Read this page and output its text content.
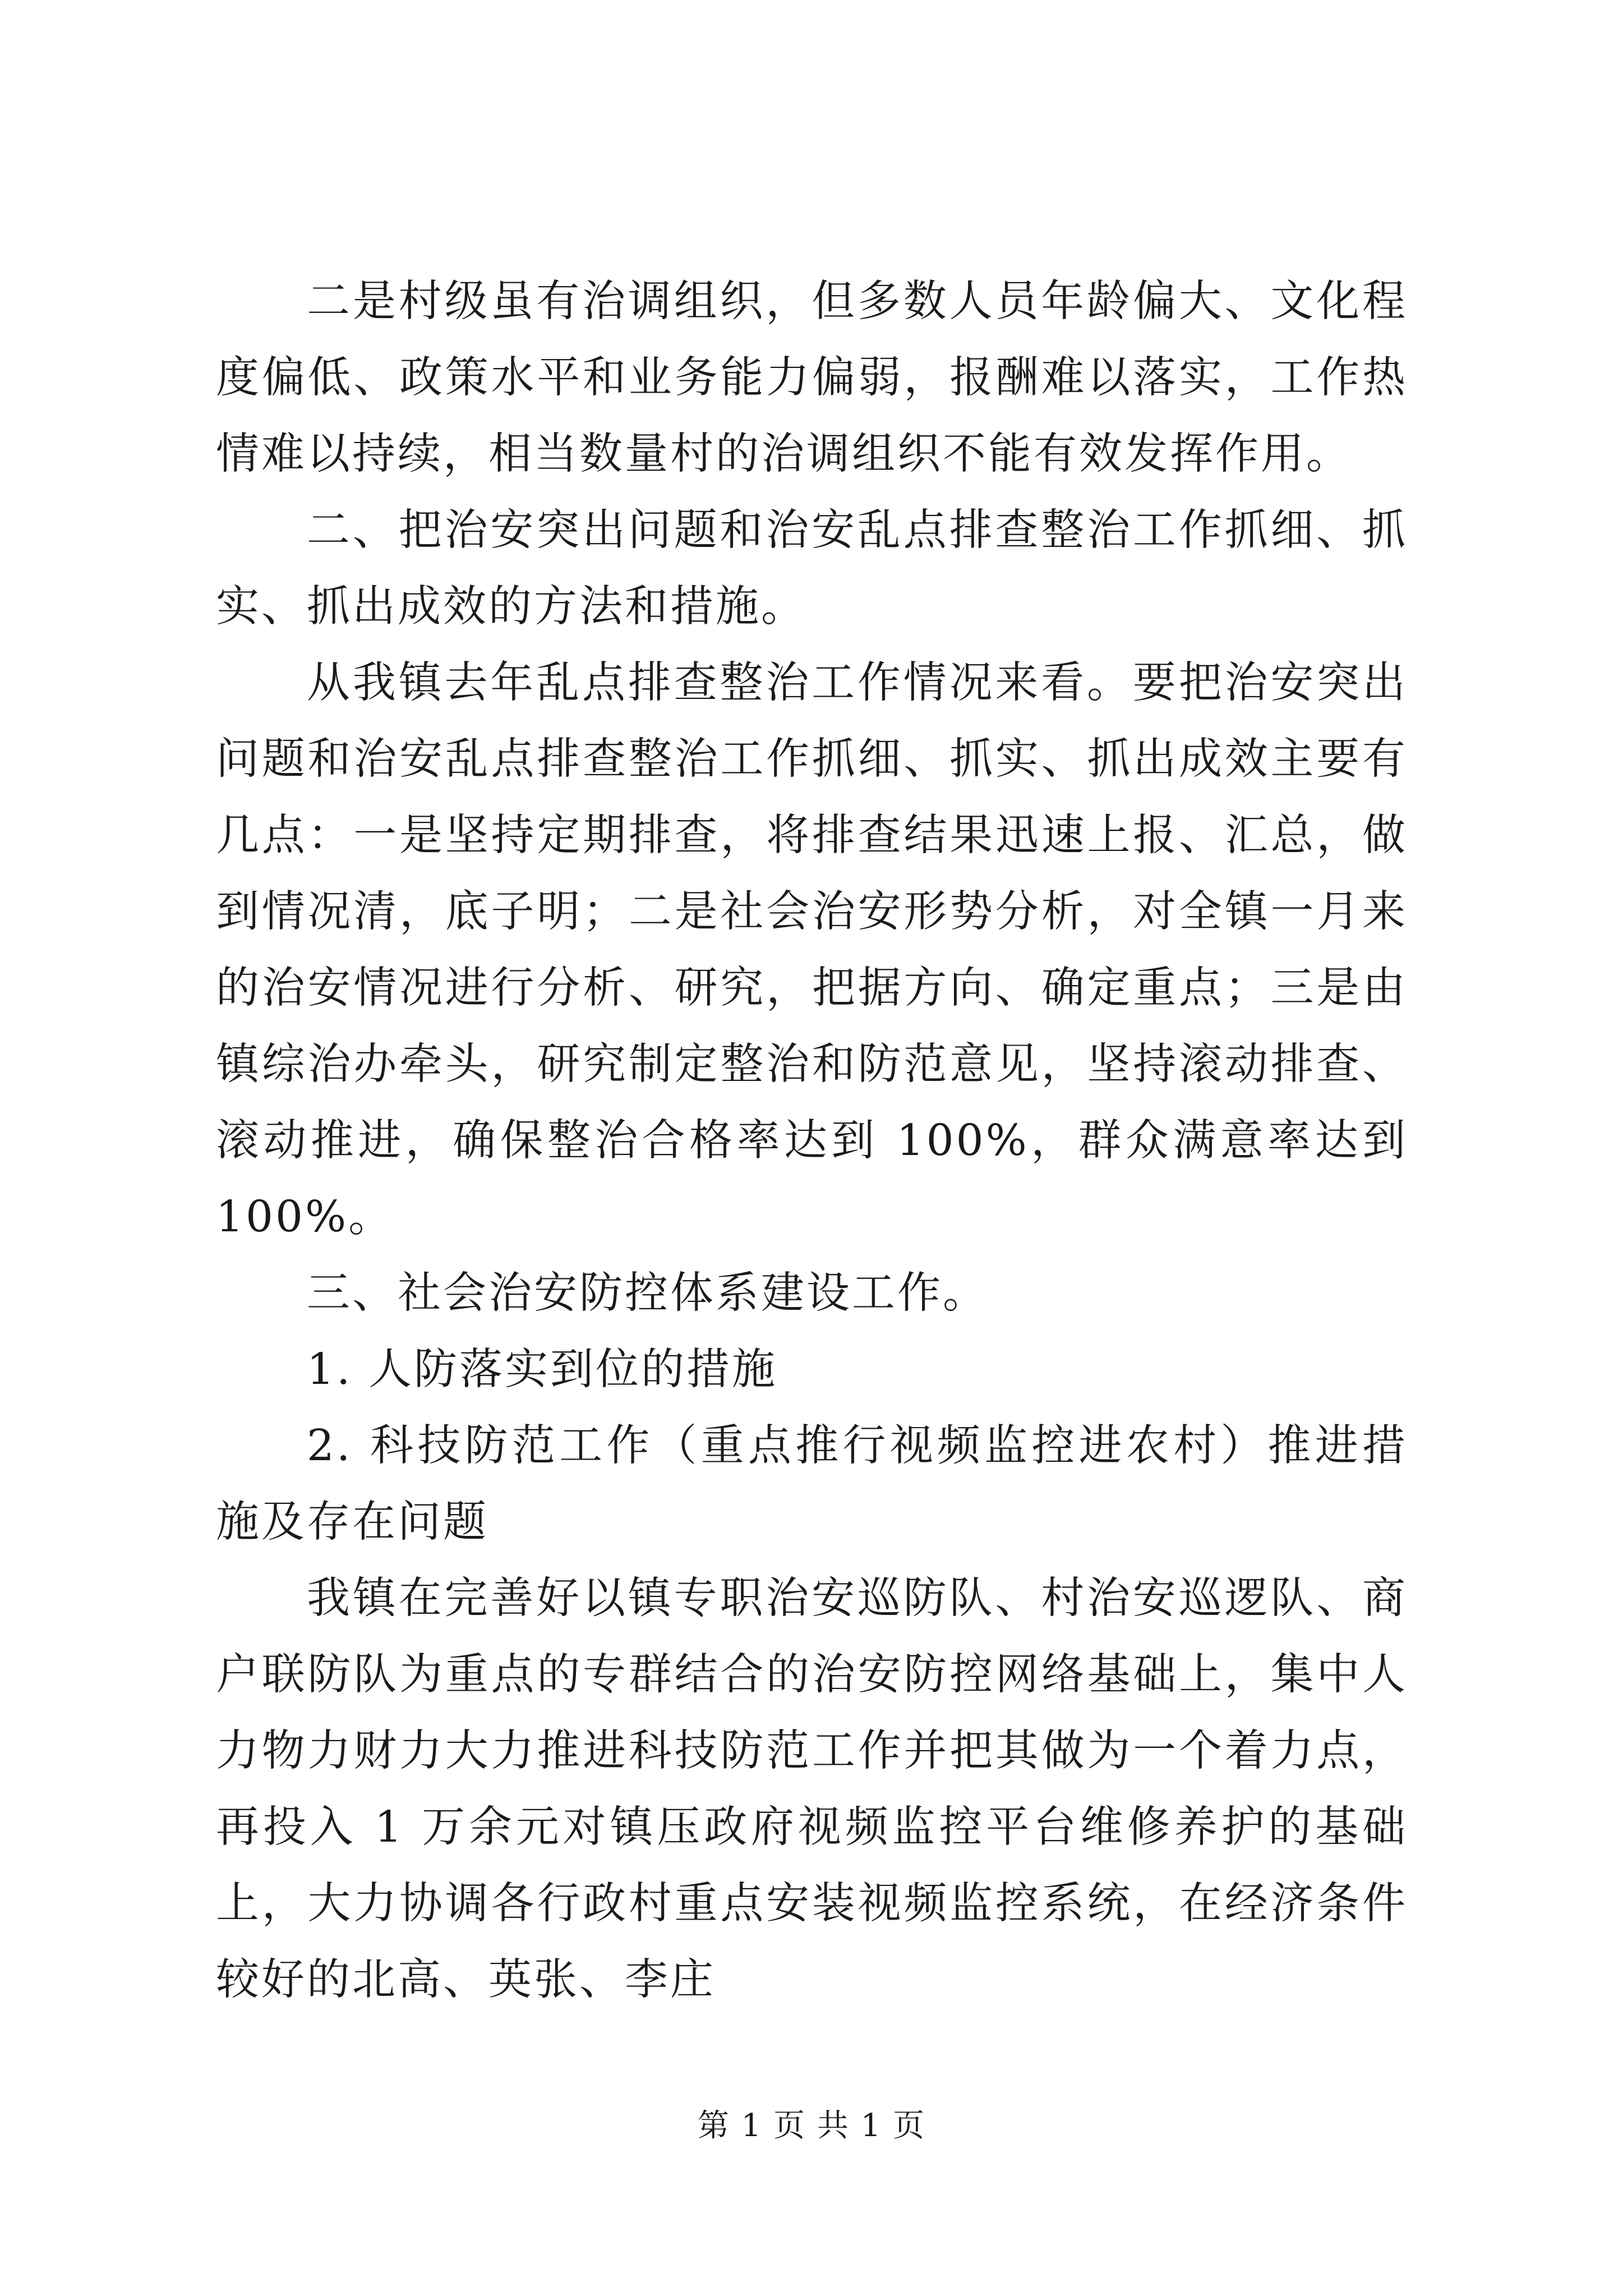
二是村级虽有治调组织，但多数人员年龄偏大、文化程度偏低、政策水平和业务能力偏弱，报酬难以落实，工作热情难以持续，相当数量村的治调组织不能有效发挥作用。

二、把治安突出问题和治安乱点排查整治工作抓细、抓实、抓出成效的方法和措施。

从我镇去年乱点排查整治工作情况来看。要把治安突出问题和治安乱点排查整治工作抓细、抓实、抓出成效主要有几点：一是坚持定期排查，将排查结果迅速上报、汇总，做到情况清，底子明；二是社会治安形势分析，对全镇一月来的治安情况进行分析、研究，把据方向、确定重点；三是由镇综治办牵头，研究制定整治和防范意见，坚持滚动排查、滚动推进，确保整治合格率达到 100%，群众满意率达到 100%。

三、社会治安防控体系建设工作。

1. 人防落实到位的措施

2. 科技防范工作（重点推行视频监控进农村）推进措施及存在问题

我镇在完善好以镇专职治安巡防队、村治安巡逻队、商户联防队为重点的专群结合的治安防控网络基础上，集中人力物力财力大力推进科技防范工作并把其做为一个着力点，再投入 1 万余元对镇压政府视频监控平台维修养护的基础上，大力协调各行政村重点安装视频监控系统，在经济条件较好的北高、英张、李庄

第 1 页 共 1 页
